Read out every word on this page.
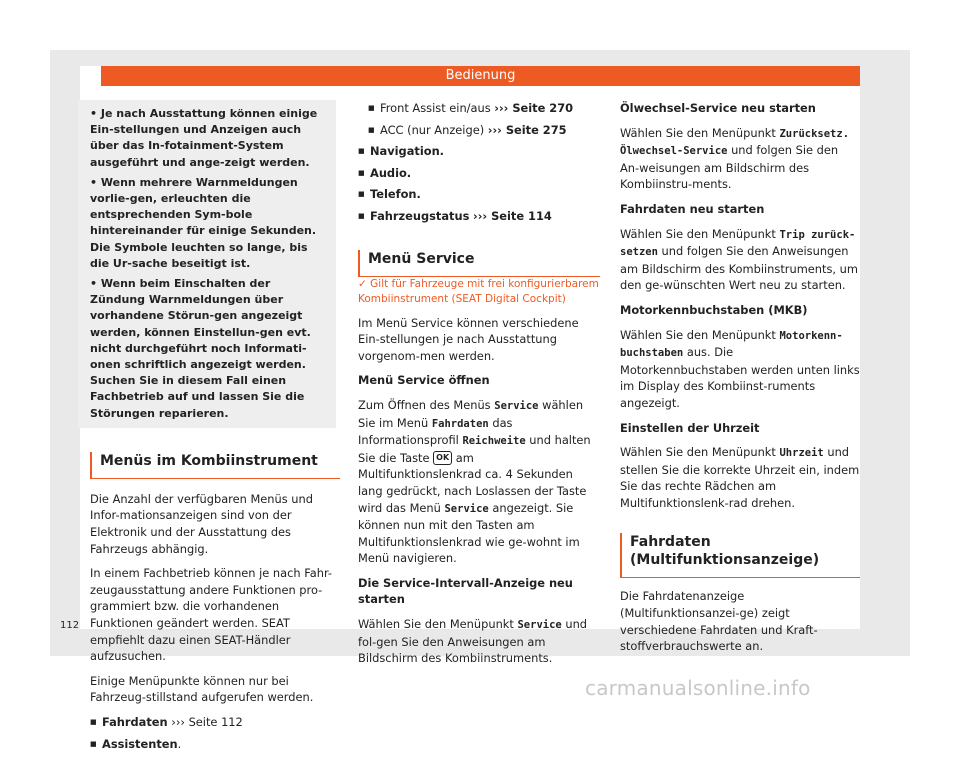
Bedienung

• Je nach Ausstattung können einige Ein-stellungen und Anzeigen auch über das In-fotainment-System ausgeführt und ange-zeigt werden.

• Wenn mehrere Warnmeldungen vorlie-gen, erleuchten die entsprechenden Sym-bole hintereinander für einige Sekunden. Die Symbole leuchten so lange, bis die Ur-sache beseitigt ist.

• Wenn beim Einschalten der Zündung Warnmeldungen über vorhandene Störun-gen angezeigt werden, können Einstellun-gen evt. nicht durchgeführt noch Informati-onen schriftlich angezeigt werden. Suchen Sie in diesem Fall einen Fachbetrieb auf und lassen Sie die Störungen reparieren.

Menüs im Kombiinstrument

Die Anzahl der verfügbaren Menüs und Infor-mationsanzeigen sind von der Elektronik und der Ausstattung des Fahrzeugs abhängig.

In einem Fachbetrieb können je nach Fahr-zeugausstattung andere Funktionen pro-grammiert bzw. die vorhandenen Funktionen geändert werden. SEAT empfiehlt dazu einen SEAT-Händler aufzusuchen.

Einige Menüpunkte können nur bei Fahrzeug-stillstand aufgerufen werden.

■ Fahrdaten ››› Seite 112
■ Assistenten.
■ Front Assist ein/aus ››› Seite 270
■ ACC (nur Anzeige) ››› Seite 275
■ Navigation.
■ Audio.
■ Telefon.
■ Fahrzeugstatus ››› Seite 114
Menü Service

✓ Gilt für Fahrzeuge mit frei konfigurierbarem Kombiinstrument (SEAT Digital Cockpit)

Im Menü Service können verschiedene Ein-stellungen je nach Ausstattung vorgenom-men werden.

Menü Service öffnen

Zum Öffnen des Menüs Service wählen Sie im Menü Fahrdaten das Informationsprofil Reichweite und halten Sie die Taste OK am Multifunktionslenkrad ca. 4 Sekunden lang gedrückt, nach Loslassen der Taste wird das Menü Service angezeigt. Sie können nun mit den Tasten am Multifunktionslenkrad wie ge-wohnt im Menü navigieren.

Die Service-Intervall-Anzeige neu starten

Wählen Sie den Menüpunkt Service und fol-gen Sie den Anweisungen am Bildschirm des Kombiinstruments.

Ölwechsel-Service neu starten

Wählen Sie den Menüpunkt Zurücksetz. Ölwechsel-Service und folgen Sie den An-weisungen am Bildschirm des Kombiinstru-ments.

Fahrdaten neu starten

Wählen Sie den Menüpunkt Trip zurück-setzen und folgen Sie den Anweisungen am Bildschirm des Kombiinstruments, um den ge-wünschten Wert neu zu starten.

Motorkennbuchstaben (MKB)

Wählen Sie den Menüpunkt Motorkenn-buchstaben aus. Die Motorkennbuchstaben werden unten links im Display des Kombiinst-ruments angezeigt.

Einstellen der Uhrzeit

Wählen Sie den Menüpunkt Uhrzeit und stellen Sie die korrekte Uhrzeit ein, indem Sie das rechte Rädchen am Multifunktionslenk-rad drehen.

Fahrdaten (Multifunktionsanzeige)

Die Fahrdatenanzeige (Multifunktionsanzei-ge) zeigt verschiedene Fahrdaten und Kraft-stoffverbrauchswerte an.

112
carmanualsonline.info
